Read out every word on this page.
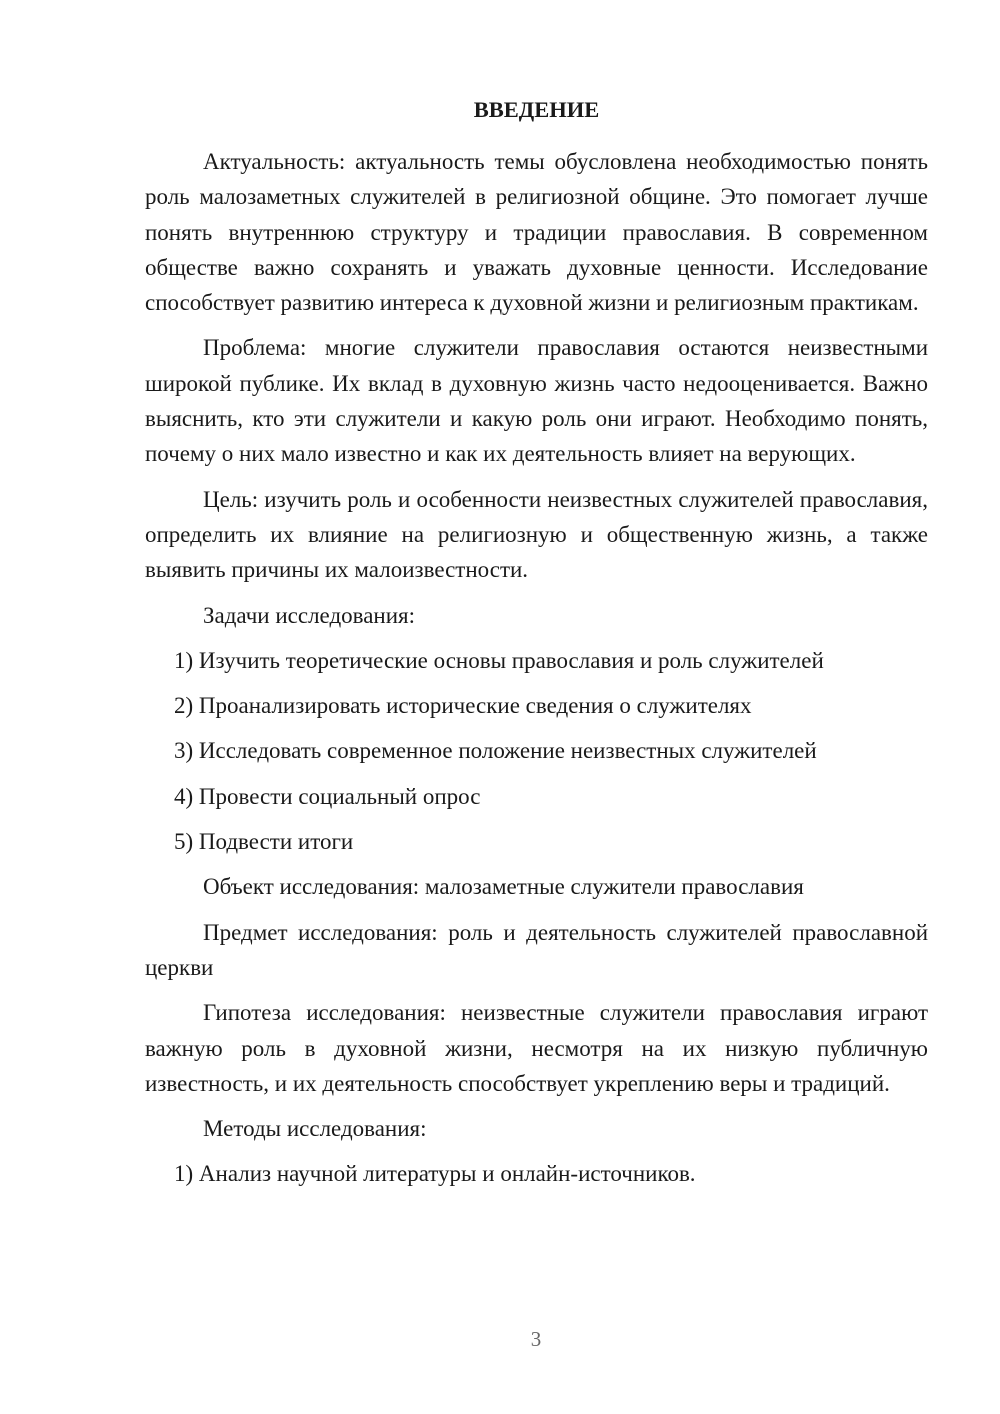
ВВЕДЕНИЕ

Актуальность: актуальность темы обусловлена необходимостью понять роль малозаметных служителей в религиозной общине. Это помогает лучше понять внутреннюю структуру и традиции православия. В современном обществе важно сохранять и уважать духовные ценности. Исследование способствует развитию интереса к духовной жизни и религиозным практикам.

Проблема: многие служители православия остаются неизвестными широкой публике. Их вклад в духовную жизнь часто недооценивается. Важно выяснить, кто эти служители и какую роль они играют. Необходимо понять, почему о них мало известно и как их деятельность влияет на верующих.

Цель: изучить роль и особенности неизвестных служителей православия, определить их влияние на религиозную и общественную жизнь, а также выявить причины их малоизвестности.

Задачи исследования:
1) Изучить теоретические основы православия и роль служителей
2) Проанализировать исторические сведения о служителях
3) Исследовать современное положение неизвестных служителей
4) Провести социальный опрос
5) Подвести итоги
Объект исследования: малозаметные служители православия

Предмет исследования: роль и деятельность служителей православной церкви

Гипотеза исследования: неизвестные служители православия играют важную роль в духовной жизни, несмотря на их низкую публичную известность, и их деятельность способствует укреплению веры и традиций.

Методы исследования:
1) Анализ научной литературы и онлайн-источников.
3
